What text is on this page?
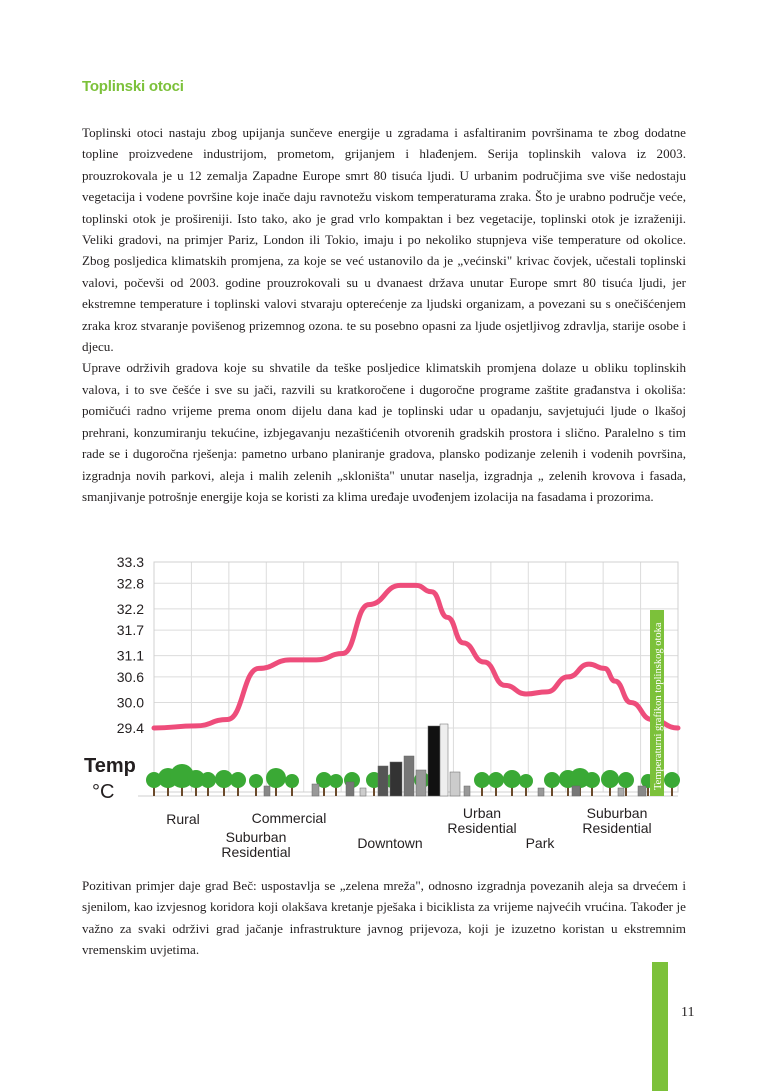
Toplinski otoci

Toplinski otoci nastaju zbog upijanja sunčeve energije u zgradama i asfaltiranim površinama te zbog dodatne topline proizvedene industrijom, prometom, grijanjem i hlađenjem. Serija toplinskih valova iz 2003. prouzrokovala je u 12 zemalja Zapadne Europe smrt 80 tisuća ljudi. U urbanim područjima sve više nedostaju vegetacija i vodene površine koje inače daju ravnotežu viskom temperaturama zraka. Što je urabno područje veće, toplinski otok je prošireniji. Isto tako, ako je grad vrlo kompaktan i bez vegetacije, toplinski otok je izraženiji. Veliki gradovi, na primjer Pariz, London ili Tokio, imaju i po nekoliko stupnjeva više temperature od okolice. Zbog posljedica klimatskih promjena, za koje se već ustanovilo da je „većinski" krivac čovjek, učestali toplinski valovi, počevši od 2003. godine prouzrokovali su u dvanaest država unutar Europe smrt 80 tisuća ljudi, jer ekstremne temperature i toplinski valovi stvaraju opterećenje za ljudski organizam, a povezani su s onečišćenjem zraka kroz stvaranje povišenog prizemnog ozona. te su posebno opasni za ljude osjetljivog zdravlja, starije osobe i djecu.

Uprave održivih gradova koje su shvatile da teške posljedice klimatskih promjena dolaze u obliku toplinskih valova, i to sve češće i sve su jači, razvili su kratkoročene i dugoročne programe zaštite građanstva i okoliša: pomičući radno vrijeme prema onom dijelu dana kad je toplinski udar u opadanju, savjetujući ljude o lkašoj prehrani, konzumiranju tekućine, izbjegavanju nezaštićenih otvorenih gradskih prostora i slično. Paralelno s tim rade se i dugoročna rješenja: pametno urbano planiranje gradova, plansko podizanje zelenih i vodenih površina, izgradnja novih parkovi, aleja i malih zelenih „skloništa" unutar naselja, izgradnja „ zelenih krovova i fasada, smanjivanje potrošnje energije koja se koristi za klima uređaje uvođenjem izolacija na fasadama i prozorima.

33.3
32.8
32.2
31.7
31.1
30.6
30.0
29.4
Temp
°C
Rural
Suburban Residential
Commercial
Downtown
Urban Residential
Park
Suburban Residential
Temperaturni grafikon toplinskog otoka

Pozitivan primjer daje grad Beč: uspostavlja se „zelena mreža", odnosno izgradnja povezanih aleja sa drvećem i sjenilom, kao izvjesnog koridora koji olakšava kretanje pješaka i biciklista za vrijeme najvećih vrućina. Također je važno za svaki održivi grad jačanje infrastrukture javnog prijevoza, koji je izuzetno koristan u ekstremnim vremenskim uvjetima.

11
